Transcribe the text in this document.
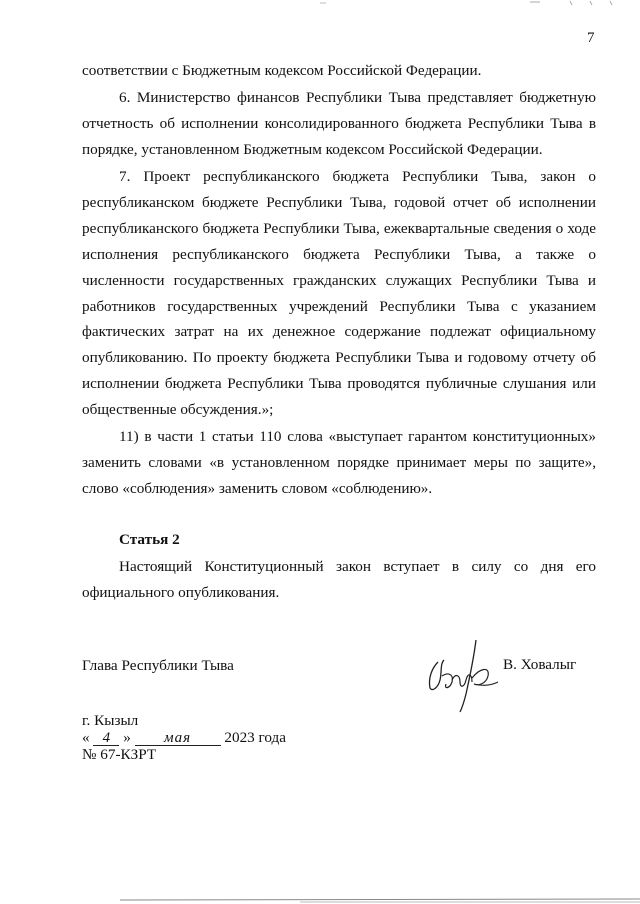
7
соответствии с Бюджетным кодексом Российской Федерации.
6. Министерство финансов Республики Тыва представляет бюджетную
отчетность об исполнении консолидированного бюджета Республики Тыва в
порядке, установленном Бюджетным кодексом Российской Федерации.
7. Проект республиканского бюджета Республики Тыва, закон о
республиканском бюджете Республики Тыва, годовой отчет об исполнении
республиканского бюджета Республики Тыва, ежеквартальные сведения о ходе
исполнения республиканского бюджета Республики Тыва, а также о
численности государственных гражданских служащих Республики Тыва и
работников государственных учреждений Республики Тыва с указанием
фактических затрат на их денежное содержание подлежат официальному
опубликованию. По проекту бюджета Республики Тыва и годовому отчету об
исполнении бюджета Республики Тыва проводятся публичные слушания или
общественные обсуждения.»;
11) в части 1 статьи 110 слова «выступает гарантом конституционных»
заменить словами «в установленном порядке принимает меры по защите»,
слово «соблюдения» заменить словом «соблюдению».
Статья 2
Настоящий Конституционный закон вступает в силу со дня его
официального опубликования.
Глава Республики Тыва	В. Ховалыг
г. Кызыл
« 4 » мая 2023 года
№ 67-КЗРТ
